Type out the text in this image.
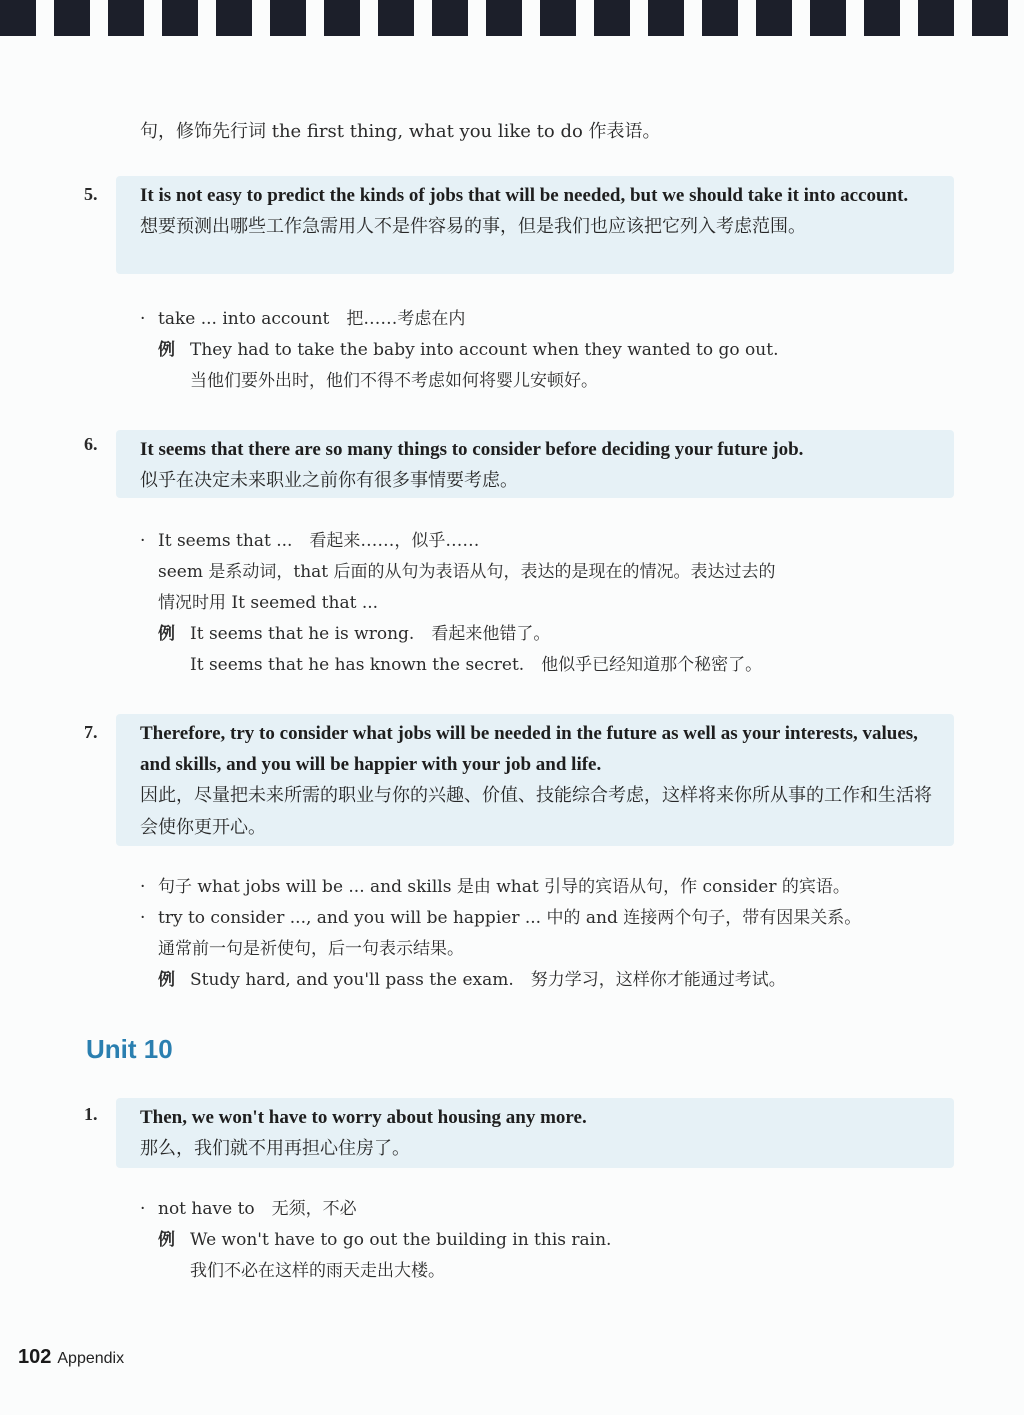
句，修饰先行词 the first thing, what you like to do 作表语。
5. It is not easy to predict the kinds of jobs that will be needed, but we should take it into account.

想要预测出哪些工作急需用人不是件容易的事，但是我们也应该把它列入考虑范围。

· take ... into account　把……考虑在内
例 They had to take the baby into account when they wanted to go out.
当他们要外出时，他们不得不考虑如何将婴儿安顿好。
6. It seems that there are so many things to consider before deciding your future job.

似乎在决定未来职业之前你有很多事情要考虑。

· It seems that ...　看起来……，似乎……
seem 是系动词，that 后面的从句为表语从句，表达的是现在的情况。表达过去的
情况时用 It seemed that ...
例 It seems that he is wrong.　看起来他错了。
It seems that he has known the secret.　他似乎已经知道那个秘密了。
7. Therefore, try to consider what jobs will be needed in the future as well as your interests, values, and skills, and you will be happier with your job and life.

因此，尽量把未来所需的职业与你的兴趣、价值、技能综合考虑，这样将来你所从事的工作和生活将会使你更开心。

· 句子 what jobs will be ... and skills 是由 what 引导的宾语从句，作 consider 的宾语。
· try to consider ..., and you will be happier ... 中的 and 连接两个句子，带有因果关系。
通常前一句是祈使句，后一句表示结果。
例 Study hard, and you'll pass the exam.　努力学习，这样你才能通过考试。
Unit 10
1. Then, we won't have to worry about housing any more.

那么，我们就不用再担心住房了。

· not have to　无须，不必
例 We won't have to go out the building in this rain.
我们不必在这样的雨天走出大楼。
102 Appendix
